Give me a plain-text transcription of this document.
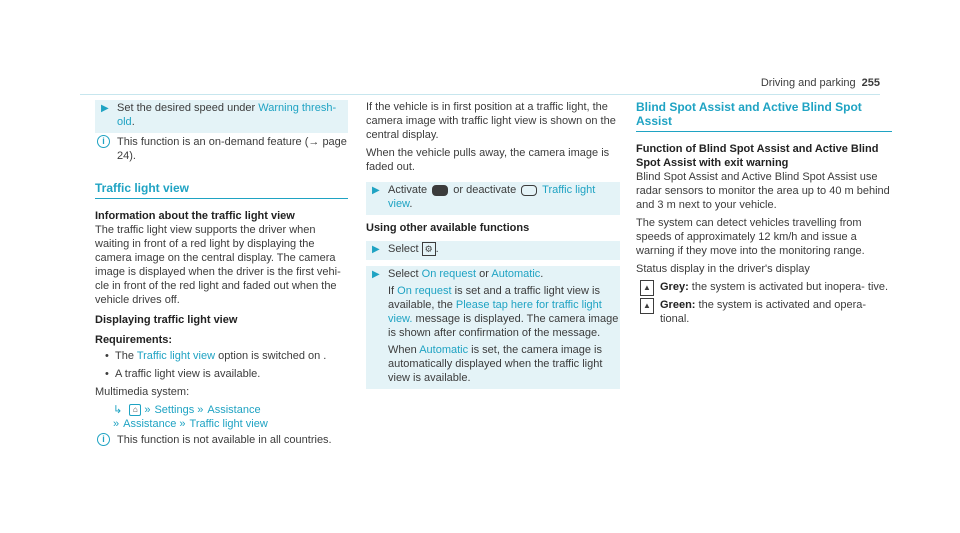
Driving and parking 255
▶ Set the desired speed under Warning thresh- old.

i	This function is an on-demand feature (→ page 24).
Traffic light view
Information about the traffic light view

The traffic light view supports the driver when waiting in front of a red light by displaying the camera image on the central display. The camera image is displayed when the driver is the first vehi- cle in front of the red light and faded out when the vehicle drives off.

Displaying traffic light view
Requirements:
• The Traffic light view option is switched on .
• A traffic light view is available.

Multimedia system:

↳ ⌂ » Settings » Assistance
» Assistance » Traffic light view
i	This function is not available in all countries.

If the vehicle is in first position at a traffic light, the camera image with traffic light view is shown on the central display.

When the vehicle pulls away, the camera image is faded out.

▶ Activate  or deactivate  Traffic light view.

Using other available functions
▶ Select ⚙ .

▶ Select On request or Automatic.

If On request is set and a traffic light view is available, the Please tap here for traffic light view. message is displayed. The camera image is shown after confirmation of the message.

When Automatic is set, the camera image is automatically displayed when the traffic light view is available.

Blind Spot Assist and Active Blind Spot Assist
Function of Blind Spot Assist and Active Blind Spot Assist with exit warning

Blind Spot Assist and Active Blind Spot Assist use radar sensors to monitor the area up to 40 m behind and 3 m next to your vehicle.

The system can detect vehicles travelling from speeds of approximately 12 km/h and issue a warning if they move into the monitoring range.

Status display in the driver's display

▲ Grey: the system is activated but inopera- tive.
▲ Green: the system is activated and opera- tional.
